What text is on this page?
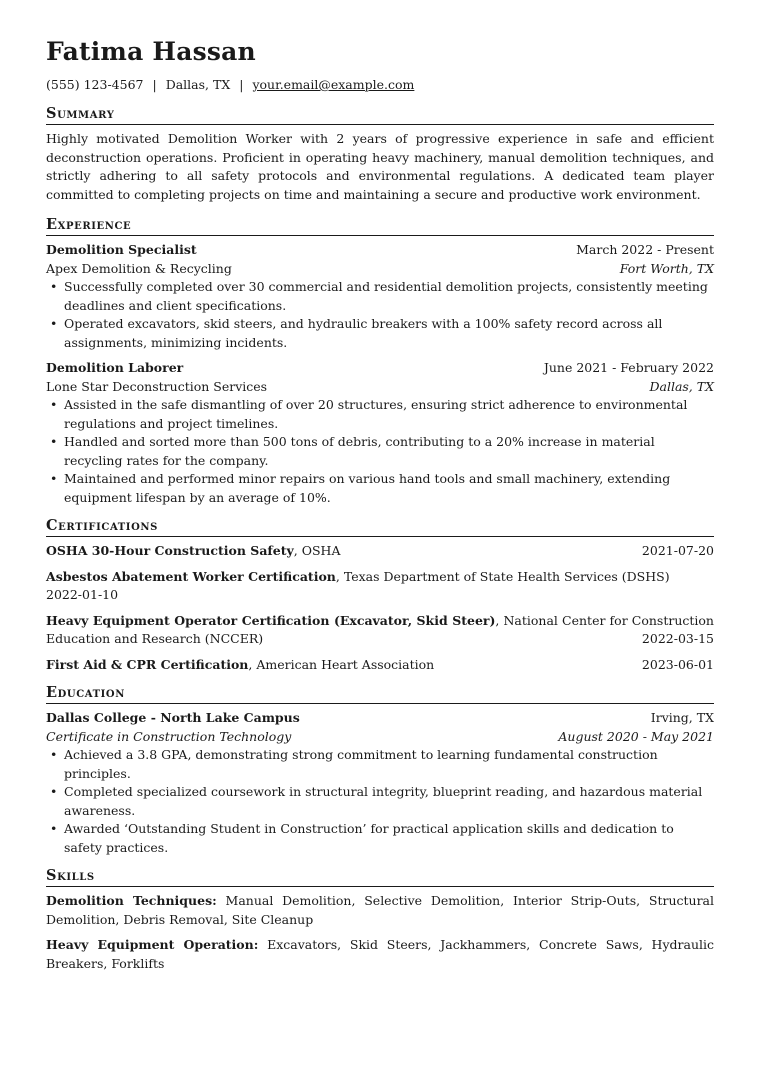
Fatima Hassan
(555) 123-4567 | Dallas, TX | your.email@example.com
Summary
Highly motivated Demolition Worker with 2 years of progressive experience in safe and efficient deconstruction operations. Proficient in operating heavy machinery, manual demolition techniques, and strictly adhering to all safety protocols and environmental regulations. A dedicated team player committed to completing projects on time and maintaining a secure and productive work environment.
Experience
Demolition Specialist	March 2022 - Present
Apex Demolition & Recycling	Fort Worth, TX
• Successfully completed over 30 commercial and residential demolition projects, consistently meeting deadlines and client specifications.
• Operated excavators, skid steers, and hydraulic breakers with a 100% safety record across all assignments, minimizing incidents.
Demolition Laborer	June 2021 - February 2022
Lone Star Deconstruction Services	Dallas, TX
• Assisted in the safe dismantling of over 20 structures, ensuring strict adherence to environmental regulations and project timelines.
• Handled and sorted more than 500 tons of debris, contributing to a 20% increase in material recycling rates for the company.
• Maintained and performed minor repairs on various hand tools and small machinery, extending equipment lifespan by an average of 10%.
Certifications
OSHA 30-Hour Construction Safety, OSHA	2021-07-20
Asbestos Abatement Worker Certification, Texas Department of State Health Services (DSHS)
2022-01-10
Heavy Equipment Operator Certification (Excavator, Skid Steer), National Center for Construction Education and Research (NCCER)	2022-03-15
First Aid & CPR Certification, American Heart Association	2023-06-01
Education
Dallas College - North Lake Campus	Irving, TX
Certificate in Construction Technology	August 2020 - May 2021
• Achieved a 3.8 GPA, demonstrating strong commitment to learning fundamental construction principles.
• Completed specialized coursework in structural integrity, blueprint reading, and hazardous material awareness.
• Awarded ‘Outstanding Student in Construction’ for practical application skills and dedication to safety practices.
Skills
Demolition Techniques: Manual Demolition, Selective Demolition, Interior Strip-Outs, Structural Demolition, Debris Removal, Site Cleanup
Heavy Equipment Operation: Excavators, Skid Steers, Jackhammers, Concrete Saws, Hydraulic Breakers, Forklifts
